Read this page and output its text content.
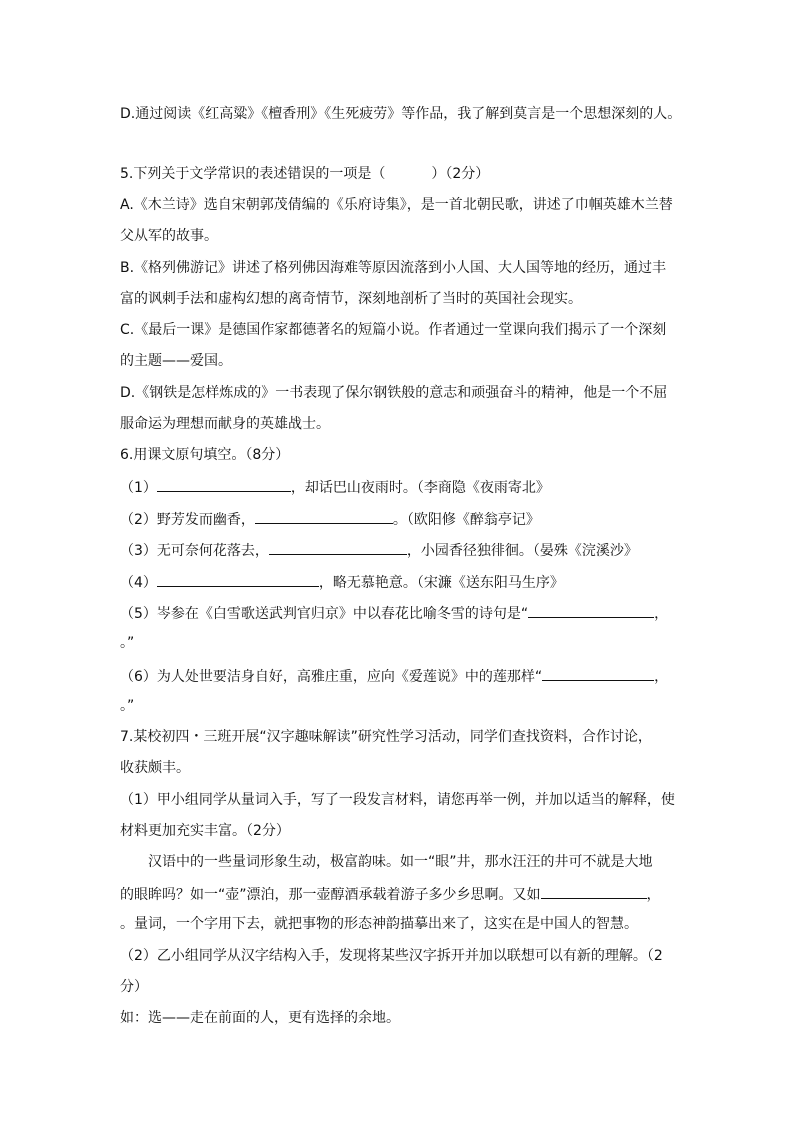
D.通过阅读《红高粱》《檀香刑》《生死疲劳》等作品，我了解到莫言是一个思想深刻的人。
5.下列关于文学常识的表述错误的一项是（	）（2分）
A.《木兰诗》选自宋朝郭茂倩编的《乐府诗集》，是一首北朝民歌，讲述了巾帼英雄木兰替
父从军的故事。
B.《格列佛游记》讲述了格列佛因海难等原因流落到小人国、大人国等地的经历，通过丰
富的讽刺手法和虚构幻想的离奇情节，深刻地剖析了当时的英国社会现实。
C.《最后一课》是德国作家都德著名的短篇小说。作者通过一堂课向我们揭示了一个深刻
的主题——爱国。
D.《钢铁是怎样炼成的》一书表现了保尔钢铁般的意志和顽强奋斗的精神，他是一个不屈
服命运为理想而献身的英雄战士。
6.用课文原句填空。（8分）
（1）	，却话巴山夜雨时。（李商隐《夜雨寄北》
（2）野芳发而幽香，	。（欧阳修《醉翁亭记》
（3）无可奈何花落去，	，小园香径独徘徊。（晏殊《浣溪沙》
（4）	，略无慕艳意。（宋濂《送东阳马生序》
（5）岑参在《白雪歌送武判官归京》中以春花比喻冬雪的诗句是“	，
。”
（6）为人处世要洁身自好，高雅庄重，应向《爱莲说》中的莲那样“	，
。”
7.某校初四・三班开展“汉字趣味解读”研究性学习活动，同学们查找资料，合作讨论，
收获颇丰。
（1）甲小组同学从量词入手，写了一段发言材料，请您再举一例，并加以适当的解释，使
材料更加充实丰富。（2分）
汉语中的一些量词形象生动，极富韵味。如一“眼”井，那水汪汪的井可不就是大地
的眼眸吗？如一“壶”漂泊，那一壶醇酒承载着游子多少乡思啊。又如	，
。量词，一个字用下去，就把事物的形态神韵描摹出来了，这实在是中国人的智慧。
（2）乙小组同学从汉字结构入手，发现将某些汉字拆开并加以联想可以有新的理解。（2
分）
如：选——走在前面的人，更有选择的余地。
